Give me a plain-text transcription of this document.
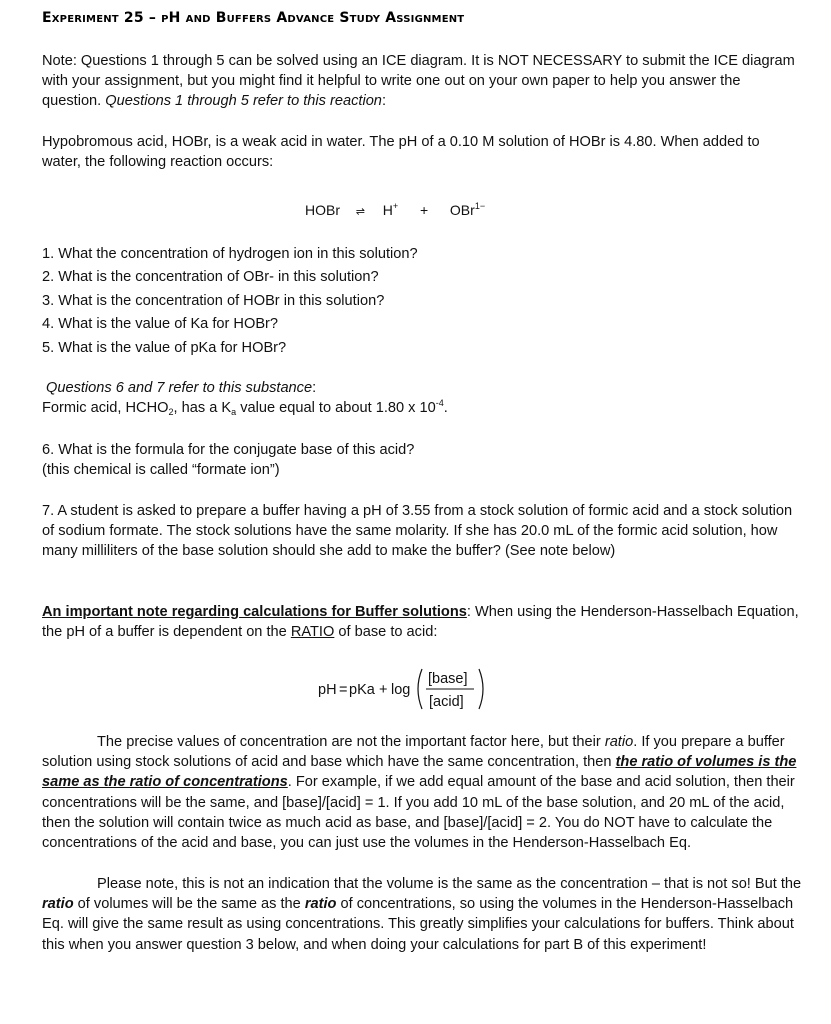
Experiment 25 – pH and Buffers Advance Study Assignment

Note: Questions 1 through 5 can be solved using an ICE diagram. It is NOT NECESSARY to submit the ICE diagram with your assignment, but you might find it helpful to write one out on your own paper to help you answer the question. Questions 1 through 5 refer to this reaction:

Hypobromous acid, HOBr, is a weak acid in water. The pH of a 0.10 M solution of HOBr is 4.80. When added to water, the following reaction occurs:

HOBr ⇌ H+ + OBr$^{1-}$
1. What the concentration of hydrogen ion in this solution?
2. What is the concentration of OBr- in this solution?
3. What is the concentration of HOBr in this solution?
4. What is the value of Ka for HOBr?
5. What is the value of pKa for HOBr?

Questions 6 and 7 refer to this substance:

Formic acid, $HCHO_2$, has a $K_a$ value equal to about 1.80 x $10^{-4}$.

6. What is the formula for the conjugate base of this acid?

(this chemical is called “formate ion”)

7. A student is asked to prepare a buffer having a pH of 3.55 from a stock solution of formic acid and a stock solution of sodium formate. The stock solutions have the same molarity. If she has 20.0 mL of the formic acid solution, how many milliliters of the base solution should she add to make the buffer? (See note below)

An important note regarding calculations for Buffer solutions: When using the Henderson-Hasselbach Equation, the pH of a buffer is dependent on the RATIO of base to acid:

pH = pKa + log
[base]
[acid]

The precise values of concentration are not the important factor here, but their ratio. If you prepare a buffer solution using stock solutions of acid and base which have the same concentration, then the ratio of volumes is the same as the ratio of concentrations. For example, if we add equal amount of the base and acid solution, then their concentrations will be the same, and [base]/[acid] = 1. If you add 10 mL of the base solution, and 20 mL of the acid, then the solution will contain twice as much acid as base, and [base]/[acid] = 2. You do NOT have to calculate the concentrations of the acid and base, you can just use the volumes in the Henderson-Hasselbach Eq.

Please note, this is not an indication that the volume is the same as the concentration – that is not so! But the ratio of volumes will be the same as the ratio of concentrations, so using the volumes in the Henderson-Hasselbach Eq. will give the same result as using concentrations. This greatly simplifies your calculations for buffers. Think about this when you answer question 3 below, and when doing your calculations for part B of this experiment!
